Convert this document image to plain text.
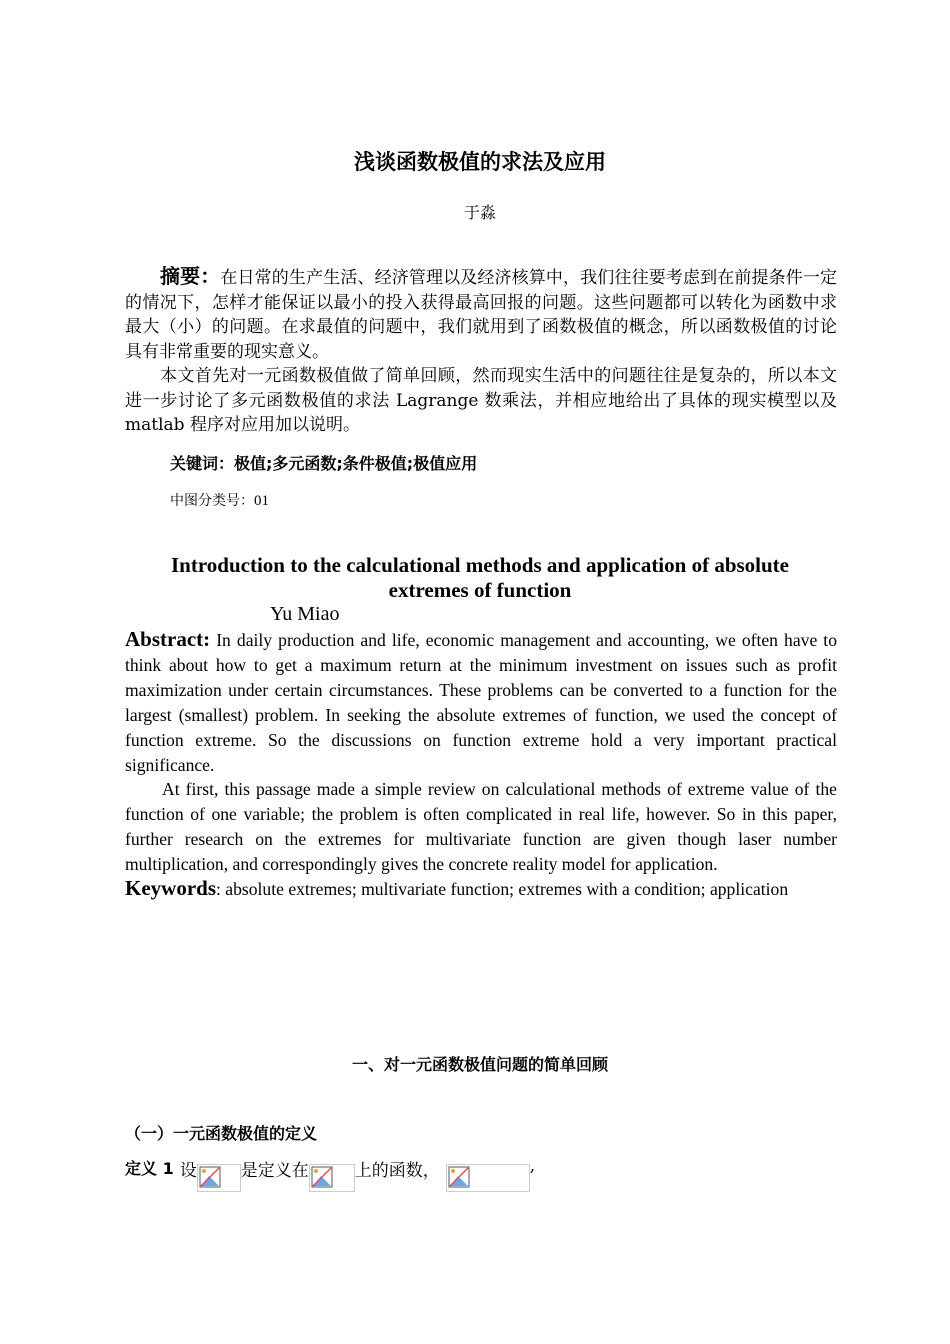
浅谈函数极值的求法及应用
于淼
摘要：在日常的生产生活、经济管理以及经济核算中，我们往往要考虑到在前提条件一定的情况下，怎样才能保证以最小的投入获得最高回报的问题。这些问题都可以转化为函数中求最大（小）的问题。在求最值的问题中，我们就用到了函数极值的概念，所以函数极值的讨论具有非常重要的现实意义。
本文首先对一元函数极值做了简单回顾，然而现实生活中的问题往往是复杂的，所以本文进一步讨论了多元函数极值的求法 Lagrange 数乘法，并相应地给出了具体的现实模型以及 matlab 程序对应用加以说明。
关键词：极值;多元函数;条件极值;极值应用
中图分类号：01
Introduction to the calculational methods and application of absolute extremes of function
Yu Miao
Abstract: In daily production and life, economic management and accounting, we often have to think about how to get a maximum return at the minimum investment on issues such as profit maximization under certain circumstances. These problems can be converted to a function for the largest (smallest) problem. In seeking the absolute extremes of function, we used the concept of function extreme. So the discussions on function extreme hold a very important practical significance.
At first, this passage made a simple review on calculational methods of extreme value of the function of one variable; the problem is often complicated in real life, however. So in this paper, further research on the extremes for multivariate function are given though laser number multiplication, and correspondingly gives the concrete reality model for application.
Keywords: absolute extremes; multivariate function; extremes with a condition; application
一、对一元函数极值问题的简单回顾
（一）一元函数极值的定义
定义 1 设	是定义在	上的函数，	,
